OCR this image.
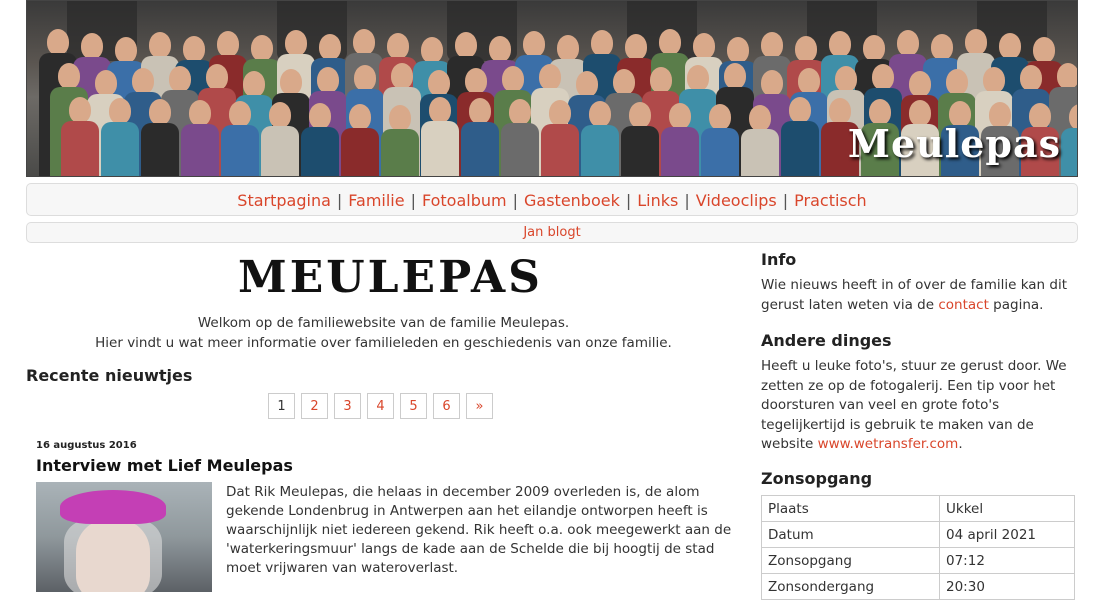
Meulepas
Startpagina | Familie | Fotoalbum | Gastenboek | Links | Videoclips | Practisch
Jan blogt
MEULEPAS
Welkom op de familiewebsite van de familie Meulepas.
Hier vindt u wat meer informatie over familieleden en geschiedenis van onze familie.
Recente nieuwtjes
1	2	3	4	5	6	»
16 augustus 2016
Interview met Lief Meulepas
Dat Rik Meulepas, die helaas in december 2009 overleden is, de alom gekende Londenbrug in Antwerpen aan het eilandje ontworpen heeft is waarschijnlijk niet iedereen gekend. Rik heeft o.a. ook meegewerkt aan de 'waterkeringsmuur' langs de kade aan de Schelde die bij hoogtij de stad moet vrijwaren van wateroverlast.
Info
Wie nieuws heeft in of over de familie kan dit gerust laten weten via de contact pagina.
Andere dinges
Heeft u leuke foto's, stuur ze gerust door. We zetten ze op de fotogalerij. Een tip voor het doorsturen van veel en grote foto's tegelijkertijd is gebruik te maken van de website www.wetransfer.com.
Zonsopgang
Plaats	Ukkel
Datum	04 april 2021
Zonsopgang	07:12
Zonsondergang	20:30
